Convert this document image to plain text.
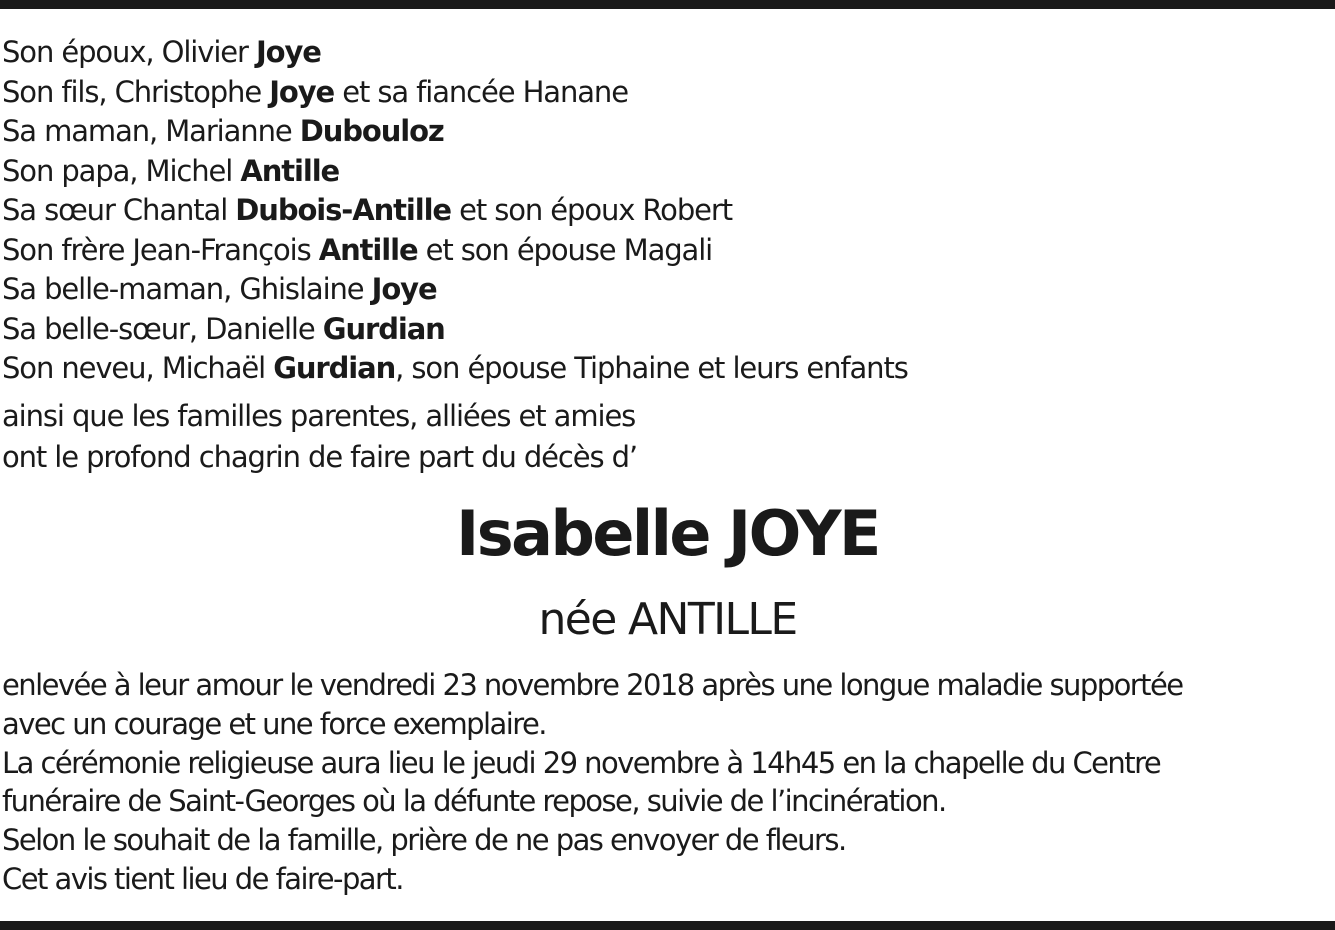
Son époux, Olivier Joye
Son fils, Christophe Joye et sa fiancée Hanane
Sa maman, Marianne Dubouloz
Son papa, Michel Antille
Sa sœur Chantal Dubois-Antille et son époux Robert
Son frère Jean-François Antille et son épouse Magali
Sa belle-maman, Ghislaine Joye
Sa belle-sœur, Danielle Gurdian
Son neveu, Michaël Gurdian, son épouse Tiphaine et leurs enfants
ainsi que les familles parentes, alliées et amies
ont le profond chagrin de faire part du décès d’
Isabelle JOYE
née ANTILLE
enlevée à leur amour le vendredi 23 novembre 2018 après une longue maladie supportée
avec un courage et une force exemplaire.
La cérémonie religieuse aura lieu le jeudi 29 novembre à 14h45 en la chapelle du Centre
funéraire de Saint-Georges où la défunte repose, suivie de l’incinération.
Selon le souhait de la famille, prière de ne pas envoyer de fleurs.
Cet avis tient lieu de faire-part.
